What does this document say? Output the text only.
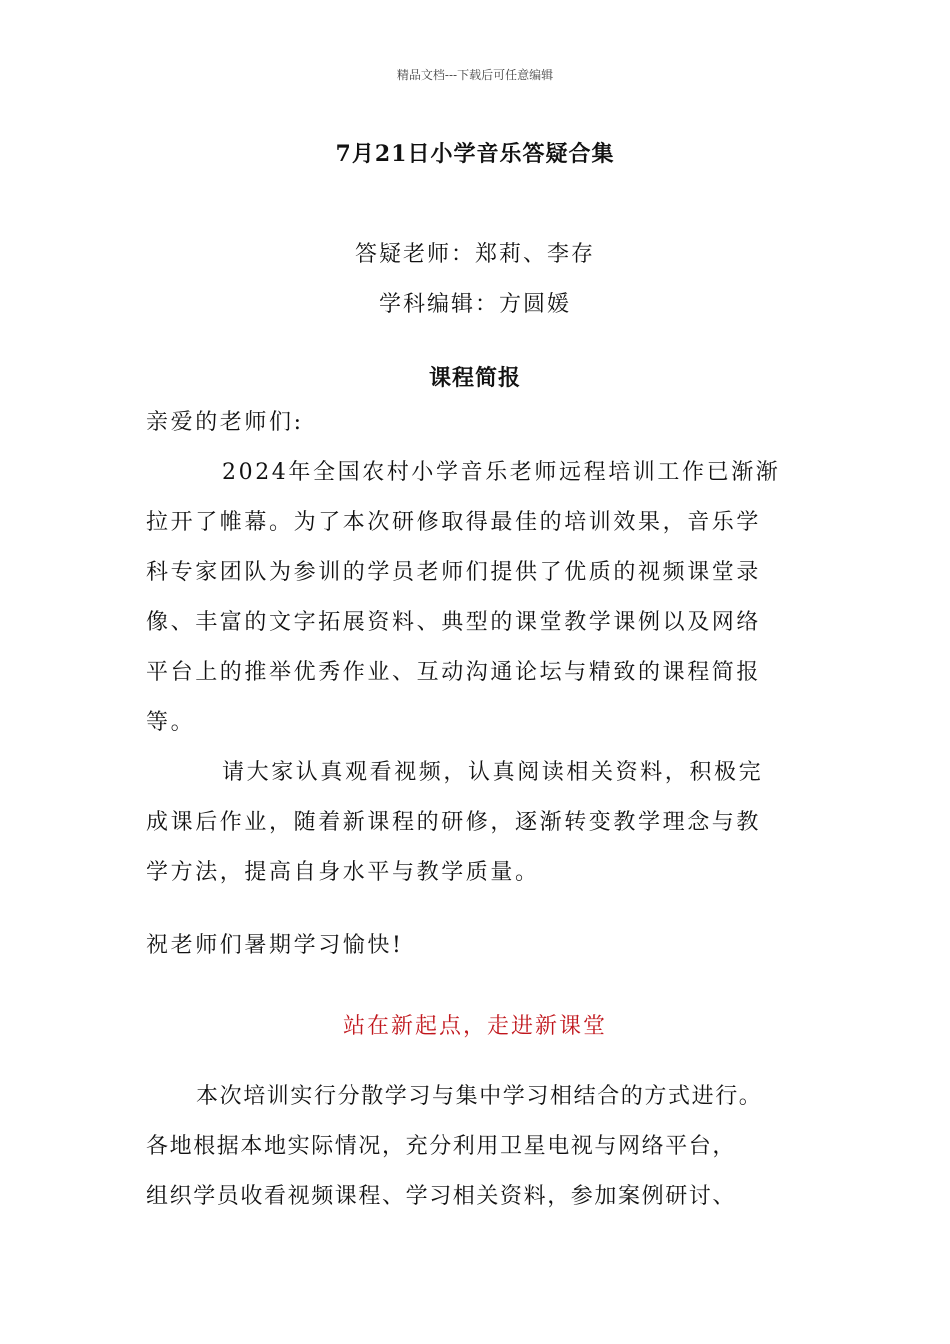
精品文档---下载后可任意编辑
7月21日小学音乐答疑合集
答疑老师：郑莉、李存
学科编辑：方圆媛
课程简报
亲爱的老师们:
2024年全国农村小学音乐老师远程培训工作已渐渐
拉开了帷幕。为了本次研修取得最佳的培训效果，音乐学
科专家团队为参训的学员老师们提供了优质的视频课堂录
像、丰富的文字拓展资料、典型的课堂教学课例以及网络
平台上的推举优秀作业、互动沟通论坛与精致的课程简报
等。
请大家认真观看视频，认真阅读相关资料，积极完
成课后作业，随着新课程的研修，逐渐转变教学理念与教
学方法，提高自身水平与教学质量。
祝老师们暑期学习愉快!
站在新起点，走进新课堂
本次培训实行分散学习与集中学习相结合的方式进行。
各地根据本地实际情况，充分利用卫星电视与网络平台，
组织学员收看视频课程、学习相关资料，参加案例研讨、
